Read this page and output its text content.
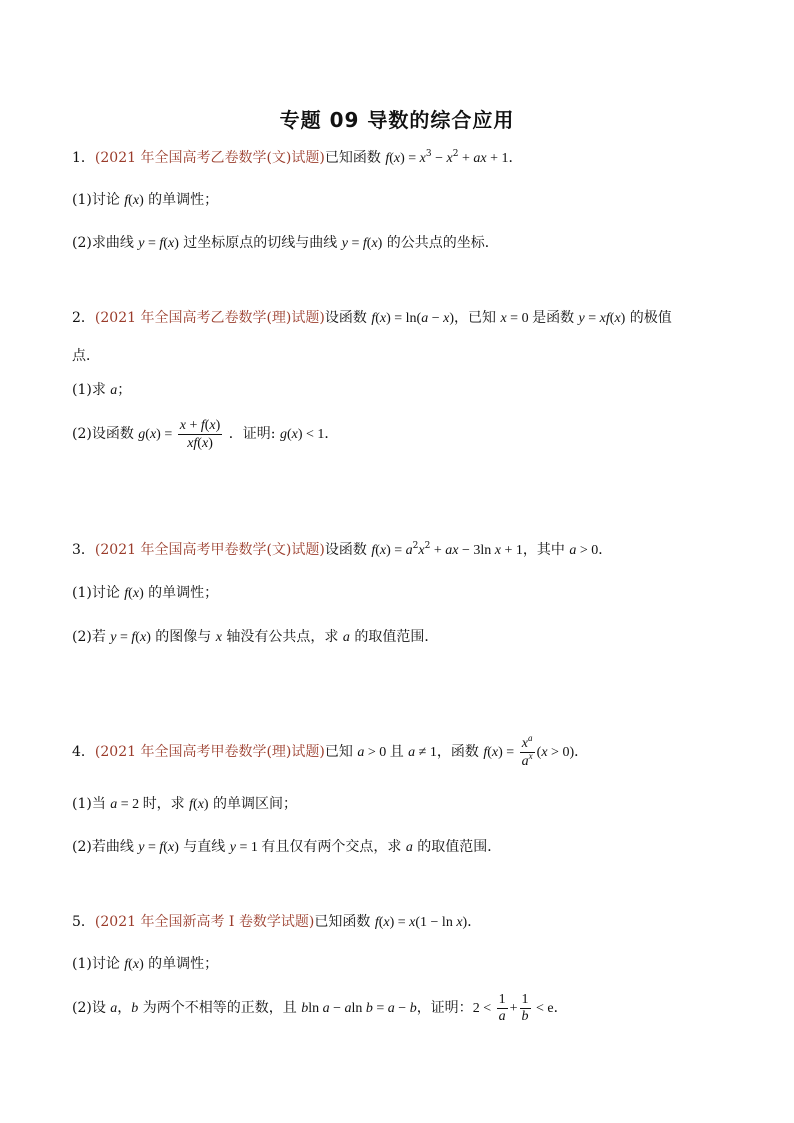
专题 09 导数的综合应用
1．(2021 年全国高考乙卷数学(文)试题)已知函数 $f(x) = x^3 - x^2$ + ax + 1．
(1)讨论 f(x) 的单调性；
(2)求曲线 y = f(x) 过坐标原点的切线与曲线 y = f(x) 的公共点的坐标．
2．(2021 年全国高考乙卷数学(理)试题)设函数 f(x) = ln(a − x)，已知 x = 0 是函数 y = xf(x) 的极值
点．
(1)求 a；
(2)设函数 $g(x) = \frac{x + f(x)}{xf(x)}$ ．证明: g(x) < 1．
3．(2021 年全国高考甲卷数学(文)试题)设函数 $f(x) = a^2x^2$ + ax − 3ln x + 1，其中 a > 0．
(1)讨论 f(x) 的单调性；
(2)若 y = f(x) 的图像与 x 轴没有公共点，求 a 的取值范围．
4．(2021 年全国高考甲卷数学(理)试题)已知 a > 0 且 a ≠ 1，函数 $f(x) = \frac{x^a}{a^x} (x > 0)$．
(1)当 a = 2 时，求 f(x) 的单调区间；
(2)若曲线 y = f(x) 与直线 y = 1 有且仅有两个交点，求 a 的取值范围．
5．(2021 年全国新高考 I 卷数学试题)已知函数 f(x) = x(1 − ln x)．
(1)讨论 f(x) 的单调性；
(2)设 a，b 为两个不相等的正数，且 bln a − aln b = a − b，证明：$2 < \frac{1}{a} + \frac{1}{b} < e$．
